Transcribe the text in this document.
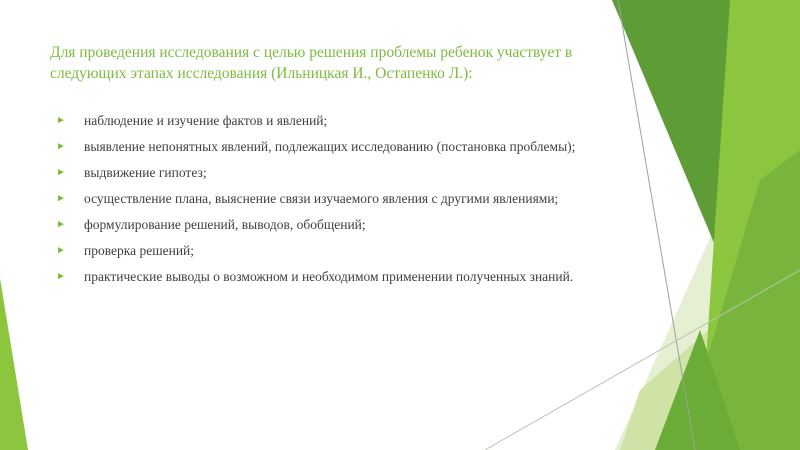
Для проведения исследования с целью решения проблемы ребенок участвует в следующих этапах исследования (Ильницкая И., Остапенко Л.):
► наблюдение и изучение фактов и явлений;
► выявление непонятных явлений, подлежащих исследованию (постановка проблемы);
► выдвижение гипотез;
► осуществление плана, выяснение связи изучаемого явления с другими явлениями;
► формулирование решений, выводов, обобщений;
► проверка решений;
► практические выводы о возможном и необходимом применении полученных знаний.
